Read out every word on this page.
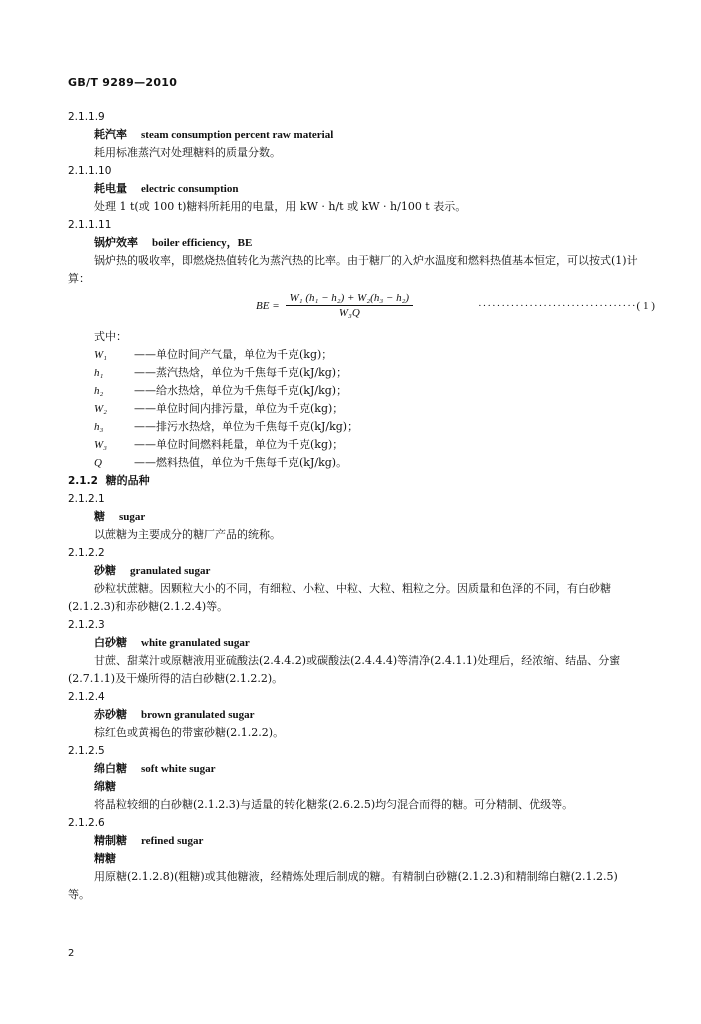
GB/T 9289—2010
2.1.1.9
耗汽率 steam consumption percent raw material
耗用标准蒸汽对处理糖料的质量分数。
2.1.1.10
耗电量 electric consumption
处理 1 t(或 100 t)糖料所耗用的电量，用 kW · h/t 或 kW · h/100 t 表示。
2.1.1.11
锅炉效率 boiler efficiency，BE
锅炉热的吸收率，即燃烧热值转化为蒸汽热的比率。由于糖厂的入炉水温度和燃料热值基本恒定，可以按式(1)计算：
BE = $\frac{\text{W₁ (h₁ − h₂) + W₂(h₃ − h₂)}}{\text{W₃Q}}$	··································( 1 )
式中：
W₁ ——单位时间产气量，单位为千克(kg)；
h₁	——蒸汽热焓，单位为千焦每千克(kJ/kg)；
h₂	——给水热焓，单位为千焦每千克(kJ/kg)；
W₂ ——单位时间内排污量，单位为千克(kg)；
h₃	——排污水热焓，单位为千焦每千克(kJ/kg)；
W₃ ——单位时间燃料耗量，单位为千克(kg)；
Q	——燃料热值，单位为千焦每千克(kJ/kg)。
2.1.2 糖的品种
2.1.2.1
糖 sugar
以蔗糖为主要成分的糖厂产品的统称。
2.1.2.2
砂糖 granulated sugar
砂粒状蔗糖。因颗粒大小的不同，有细粒、小粒、中粒、大粒、粗粒之分。因质量和色泽的不同，有白砂糖(2.1.2.3)和赤砂糖(2.1.2.4)等。
2.1.2.3
白砂糖 white granulated sugar
甘蔗、甜菜汁或原糖液用亚硫酸法(2.4.4.2)或碳酸法(2.4.4.4)等清净(2.4.1.1)处理后，经浓缩、结晶、分蜜(2.7.1.1)及干燥所得的洁白砂糖(2.1.2.2)。
2.1.2.4
赤砂糖 brown granulated sugar
棕红色或黄褐色的带蜜砂糖(2.1.2.2)。
2.1.2.5
绵白糖 soft white sugar
绵糖
将晶粒较细的白砂糖(2.1.2.3)与适量的转化糖浆(2.6.2.5)均匀混合而得的糖。可分精制、优级等。
2.1.2.6
精制糖 refined sugar
精糖
用原糖(2.1.2.8)(粗糖)或其他糖液，经精炼处理后制成的糖。有精制白砂糖(2.1.2.3)和精制绵白糖(2.1.2.5)等。
2
